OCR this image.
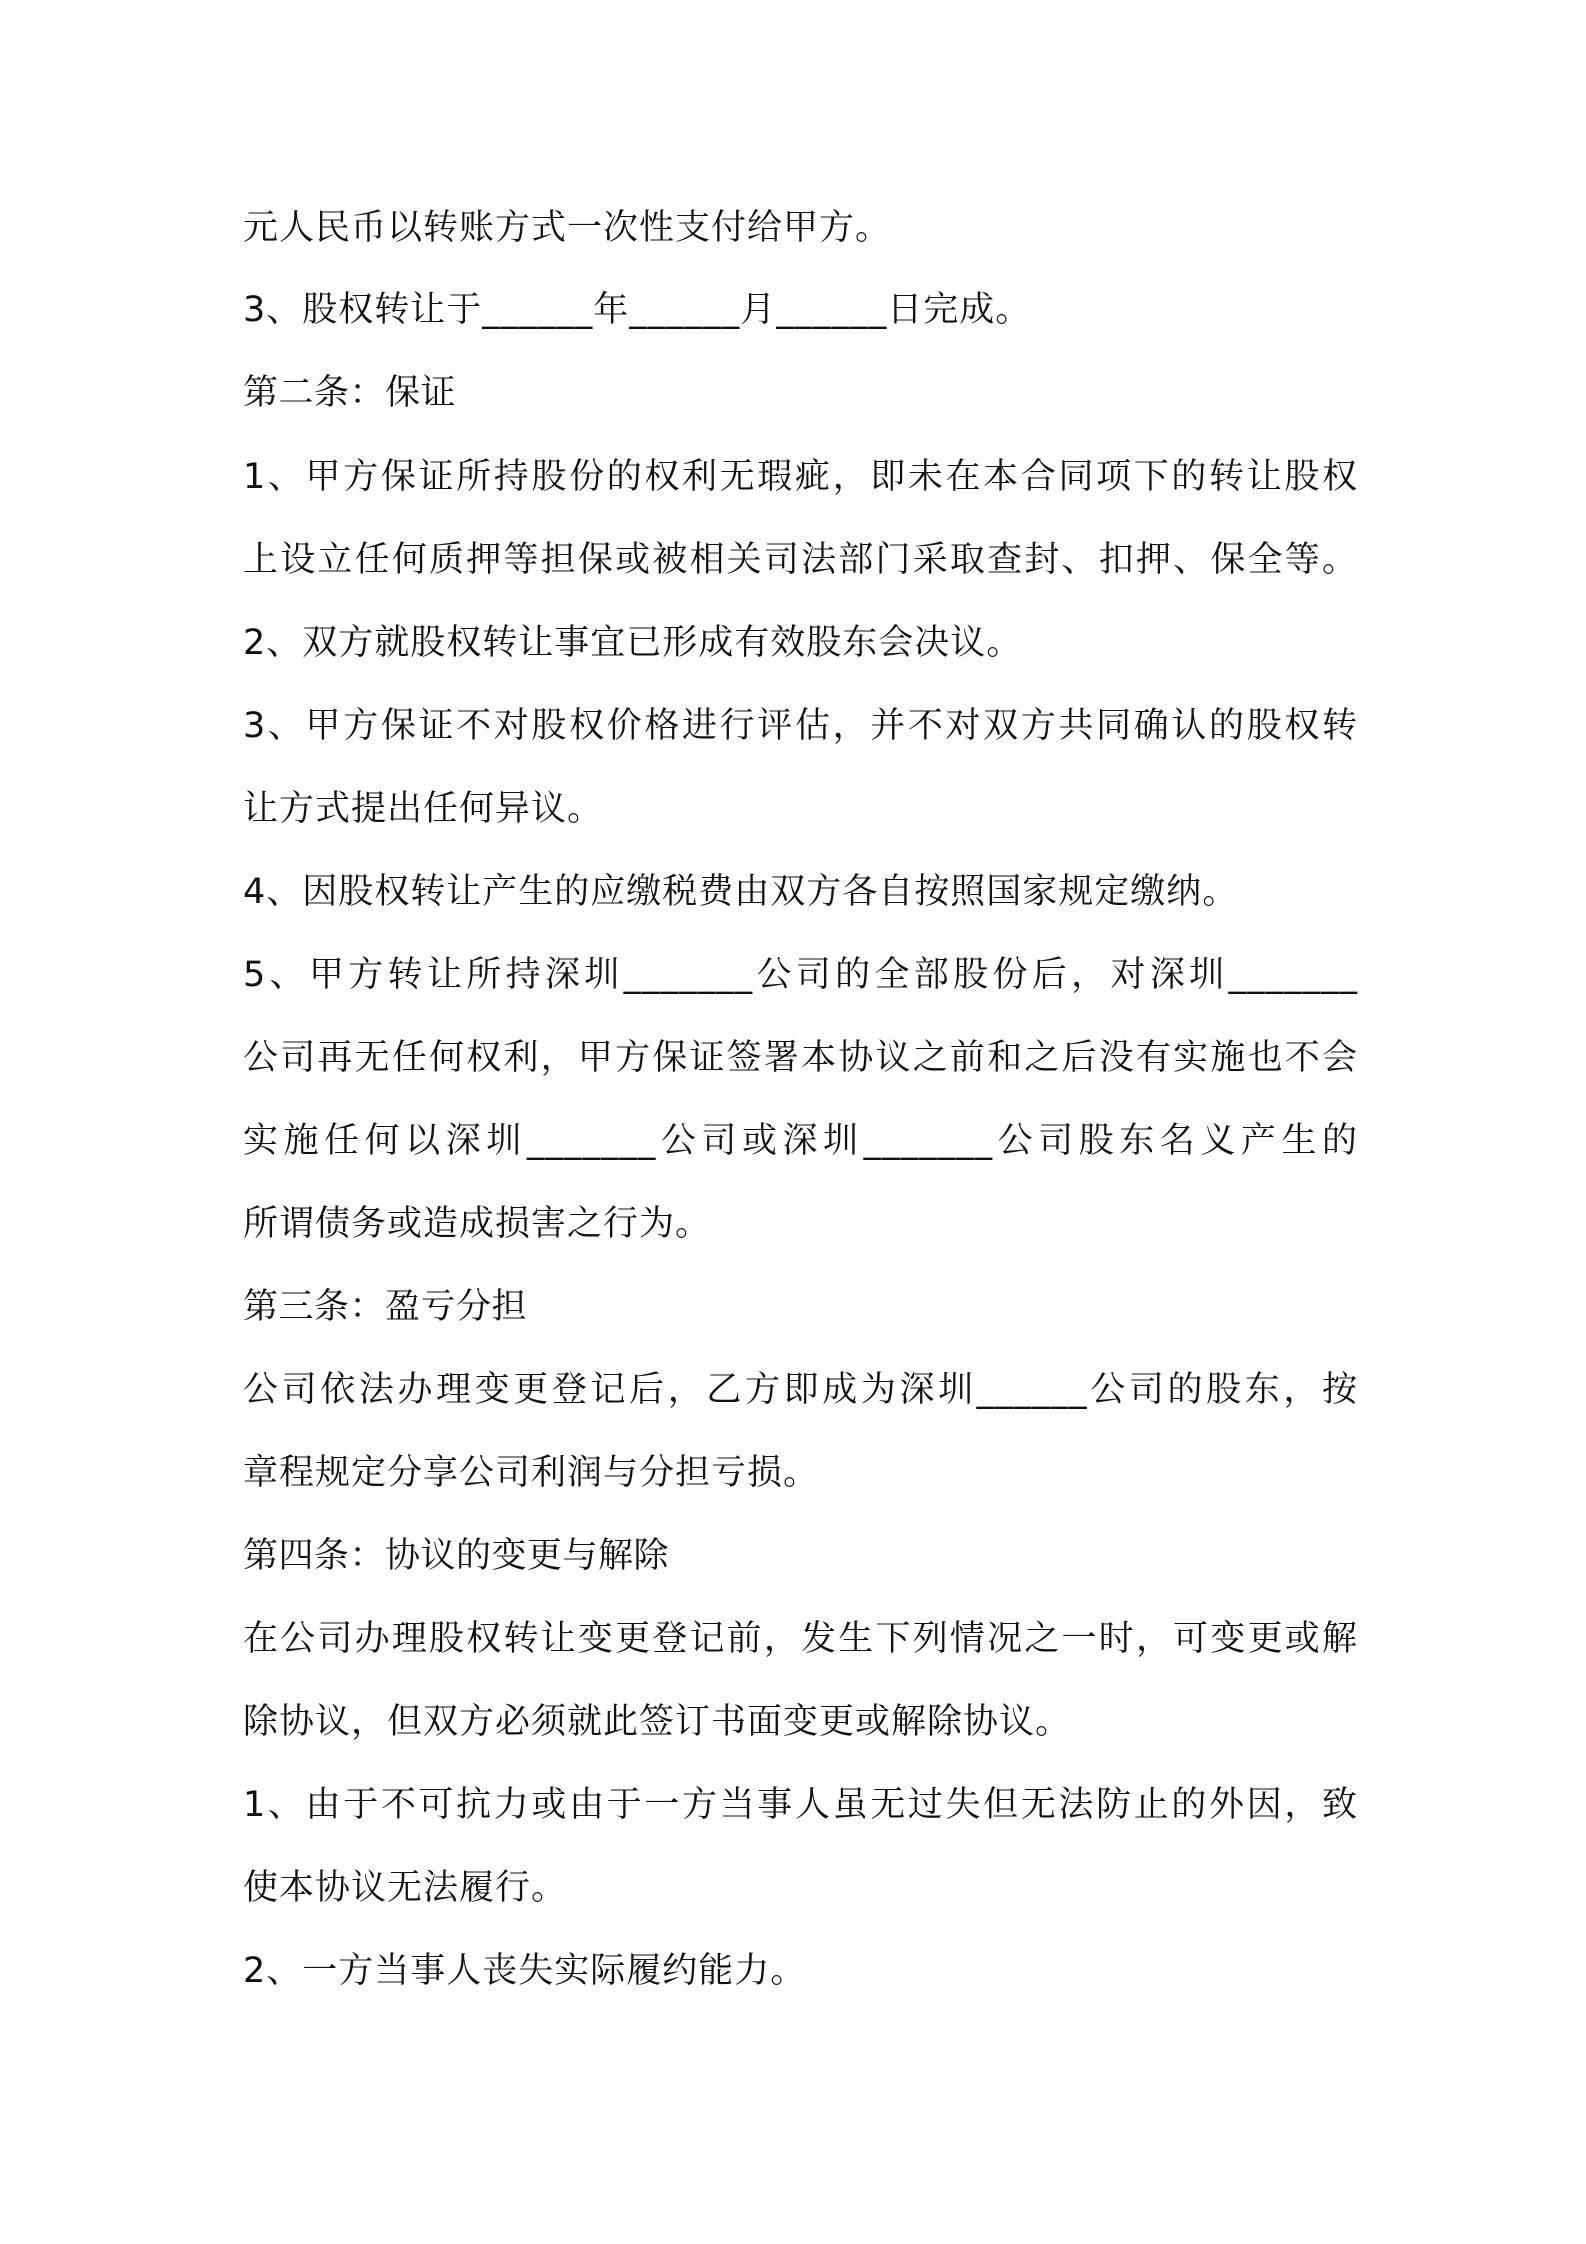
元人民币以转账方式一次性支付给甲方。
3、股权转让于______年______月______日完成。
第二条：保证
1、甲方保证所持股份的权利无瑕疵，即未在本合同项下的转让股权
上设立任何质押等担保或被相关司法部门采取查封、扣押、保全等。
2、双方就股权转让事宜已形成有效股东会决议。
3、甲方保证不对股权价格进行评估，并不对双方共同确认的股权转
让方式提出任何异议。
4、因股权转让产生的应缴税费由双方各自按照国家规定缴纳。
5、甲方转让所持深圳_______公司的全部股份后，对深圳_______
公司再无任何权利，甲方保证签署本协议之前和之后没有实施也不会
实施任何以深圳_______公司或深圳_______公司股东名义产生的
所谓债务或造成损害之行为。
第三条：盈亏分担
公司依法办理变更登记后，乙方即成为深圳______公司的股东，按
章程规定分享公司利润与分担亏损。
第四条：协议的变更与解除
在公司办理股权转让变更登记前，发生下列情况之一时，可变更或解
除协议，但双方必须就此签订书面变更或解除协议。
1、由于不可抗力或由于一方当事人虽无过失但无法防止的外因，致
使本协议无法履行。
2、一方当事人丧失实际履约能力。
